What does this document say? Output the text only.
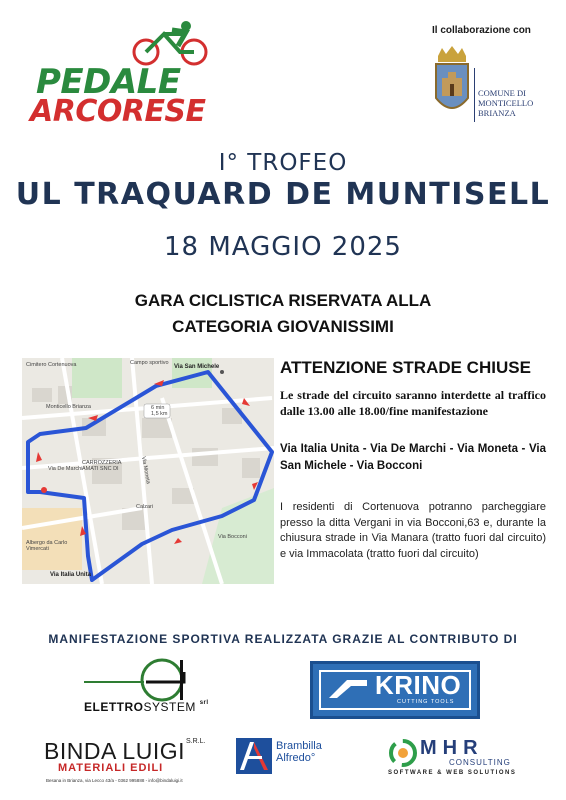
PEDALE
ARCORESE
Il collaborazione con
COMUNE DI
MONTICELLO
BRIANZA
I° TROFEO
UL TRAQUARD DE MUNTISELL
18 MAGGIO 2025
GARA CICLISTICA RISERVATA ALLA
CATEGORIA GIOVANISSIMI
Cimitero Cortenuova
Monticello Brianza
Campo sportivo
Via San Michele
6 min
1,5 km
CARROZZERIA AMATI SNC DI
Calzari
Via Moneta
Via De Marchi
Albergo da Carlo Vimercati
Via Italia Unita
Via Bocconi
ATTENZIONE STRADE CHIUSE
Le strade del circuito saranno interdette al traffico dalle 13.00 alle 18.00/fine manifestazione
Via Italia Unita - Via De Marchi - Via Moneta - Via San Michele - Via Bocconi
I residenti di Cortenuova potranno parcheggiare presso la ditta Vergani in via Bocconi,63 e, durante la chiusura strade in Via Manara (tratto fuori dal circuito) e via Immacolata (tratto fuori dal circuito)
MANIFESTAZIONE SPORTIVA REALIZZATA GRAZIE AL CONTRIBUTO DI
ELETTROSYSTEM $^{srl}$
KRINO
CUTTING TOOLS
BINDA LUIGI S.R.L.
MATERIALI EDILI
Besana in Brianza, via Lecco 43/a - 0362 995888 - info@bindaluigi.it
Brambilla
Alfredo°	MHR
CONSULTING
SOFTWARE & WEB SOLUTIONS
